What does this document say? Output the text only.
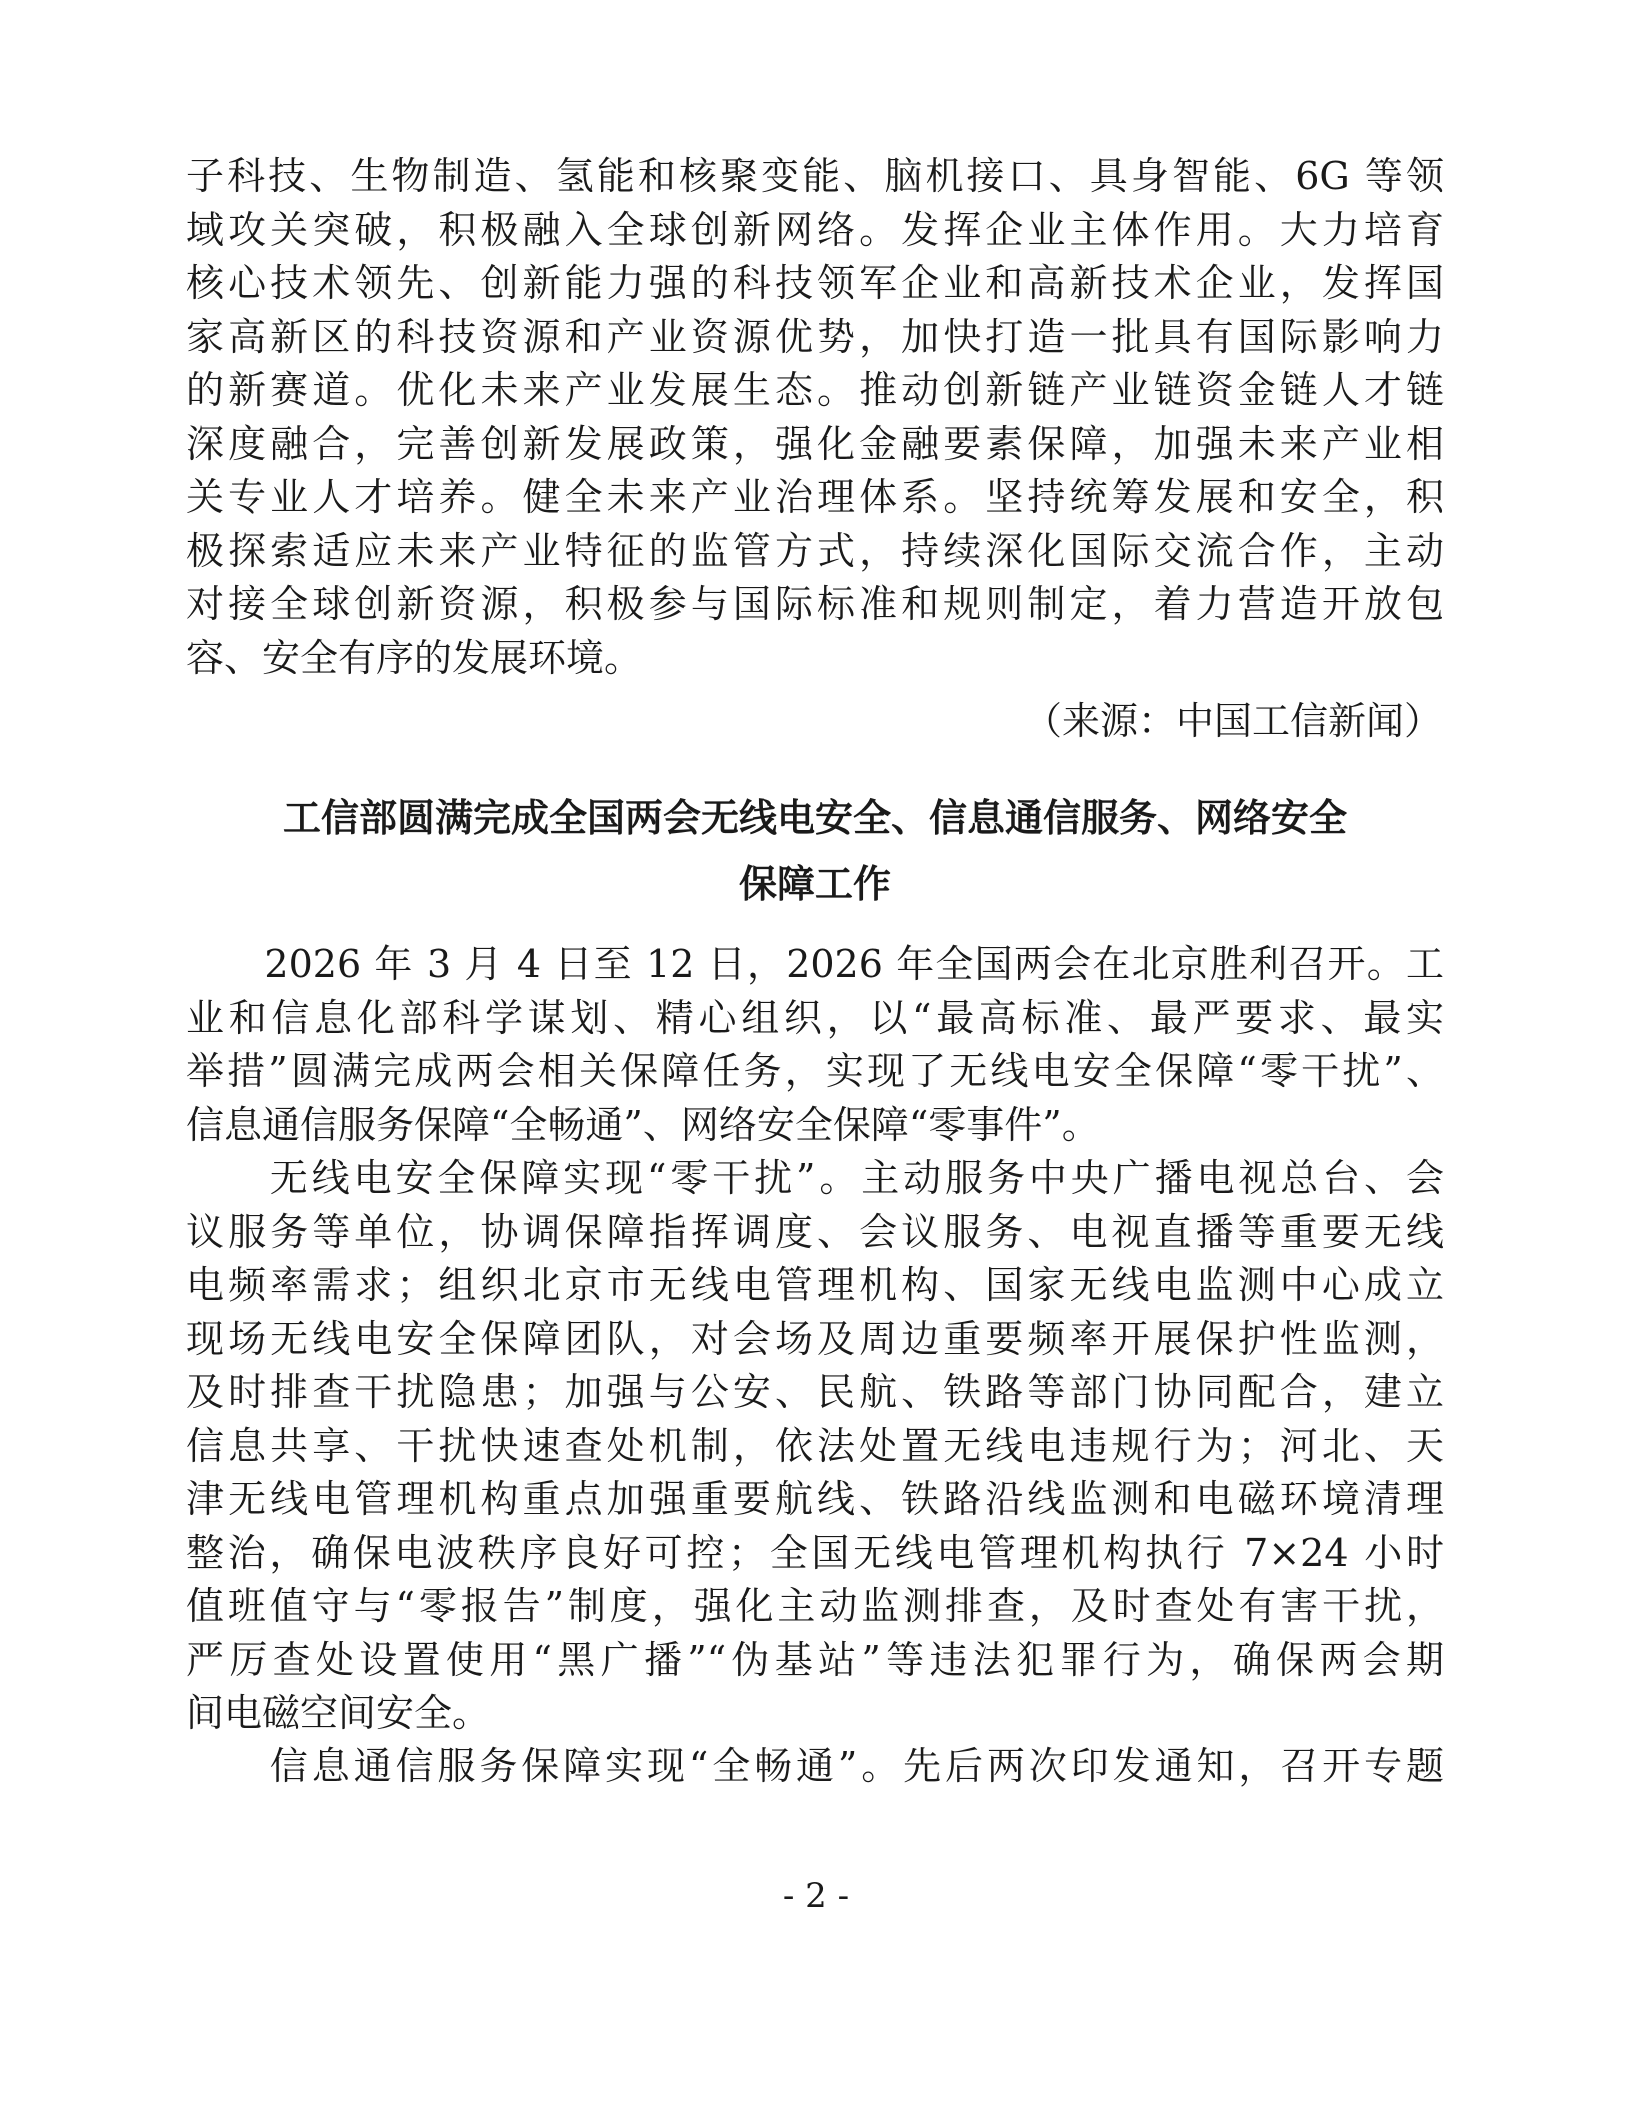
子科技、生物制造、氢能和核聚变能、脑机接口、具身智能、6G 等领
域攻关突破，积极融入全球创新网络。发挥企业主体作用。大力培育
核心技术领先、创新能力强的科技领军企业和高新技术企业，发挥国
家高新区的科技资源和产业资源优势，加快打造一批具有国际影响力
的新赛道。优化未来产业发展生态。推动创新链产业链资金链人才链
深度融合，完善创新发展政策，强化金融要素保障，加强未来产业相
关专业人才培养。健全未来产业治理体系。坚持统筹发展和安全，积
极探索适应未来产业特征的监管方式，持续深化国际交流合作，主动
对接全球创新资源，积极参与国际标准和规则制定，着力营造开放包
容、安全有序的发展环境。
（来源：中国工信新闻）
工信部圆满完成全国两会无线电安全、信息通信服务、网络安全
保障工作
　　2026 年 3 月 4 日至 12 日，2026 年全国两会在北京胜利召开。工
业和信息化部科学谋划、精心组织，以“最高标准、最严要求、最实
举措”圆满完成两会相关保障任务，实现了无线电安全保障“零干扰”、
信息通信服务保障“全畅通”、网络安全保障“零事件”。
　　无线电安全保障实现“零干扰”。主动服务中央广播电视总台、会
议服务等单位，协调保障指挥调度、会议服务、电视直播等重要无线
电频率需求；组织北京市无线电管理机构、国家无线电监测中心成立
现场无线电安全保障团队，对会场及周边重要频率开展保护性监测，
及时排查干扰隐患；加强与公安、民航、铁路等部门协同配合，建立
信息共享、干扰快速查处机制，依法处置无线电违规行为；河北、天
津无线电管理机构重点加强重要航线、铁路沿线监测和电磁环境清理
整治，确保电波秩序良好可控；全国无线电管理机构执行 7×24 小时
值班值守与“零报告”制度，强化主动监测排查，及时查处有害干扰，
严厉查处设置使用“黑广播”“伪基站”等违法犯罪行为，确保两会期
间电磁空间安全。
　　信息通信服务保障实现“全畅通”。先后两次印发通知，召开专题
- 2 -
